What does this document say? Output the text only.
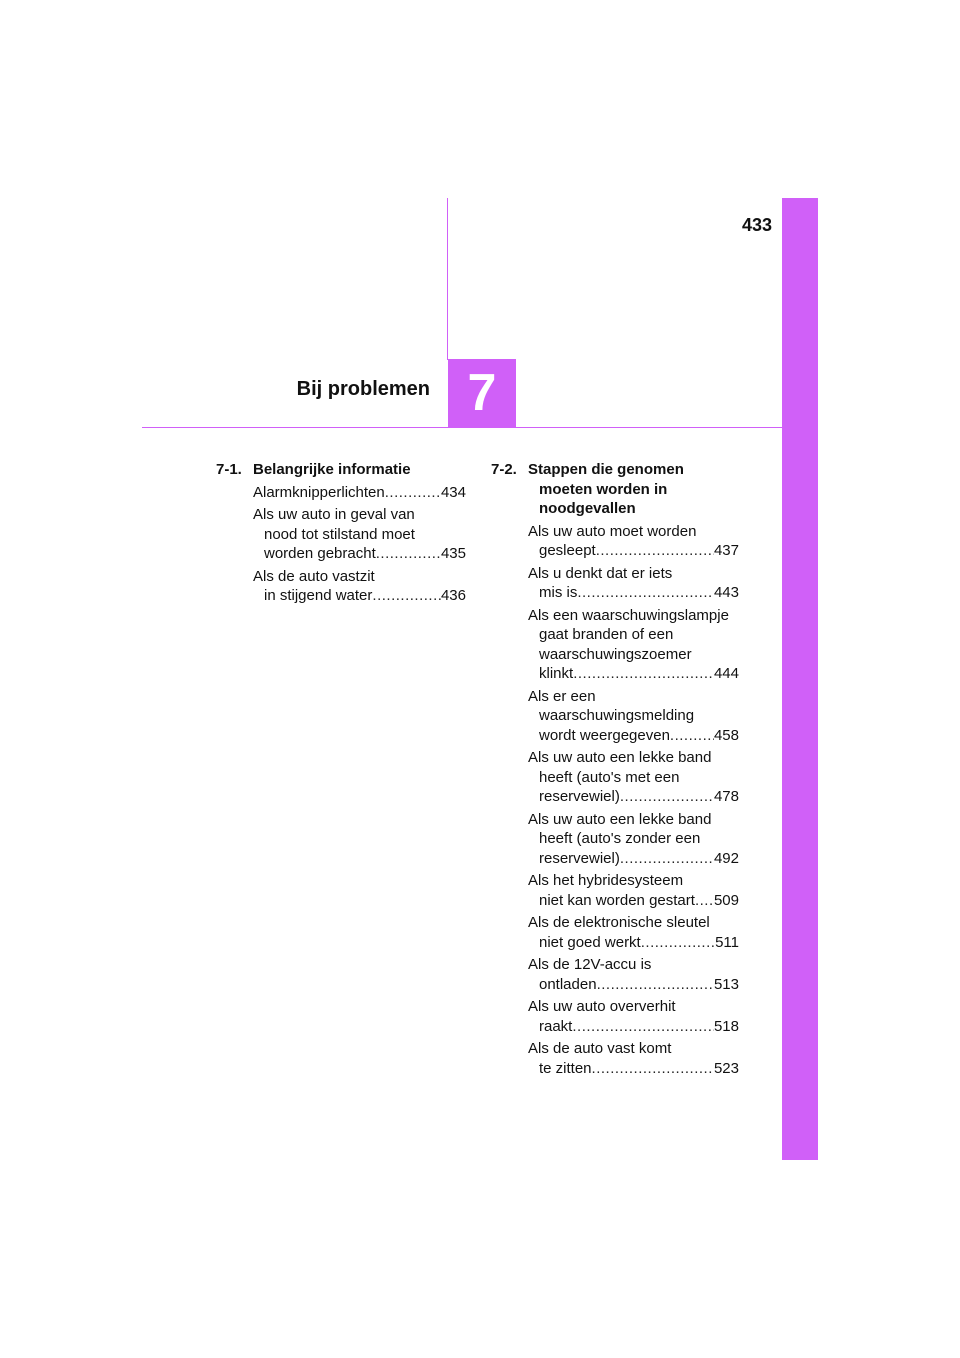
433
Bij problemen 7
7-1. Belangrijke informatie
Alarmknipperlichten .....	434
Als uw auto in geval van
nood tot stilstand moet
worden gebracht .....	435
Als de auto vastzit
in stijgend water .....	436
7-2. Stappen die genomen
moeten worden in
noodgevallen
Als uw auto moet worden
gesleept .....	437
Als u denkt dat er iets
mis is .....	443
Als een waarschuwingslampje
gaat branden of een
waarschuwingszoemer
klinkt .....	444
Als er een
waarschuwingsmelding
wordt weergegeven .....	458
Als uw auto een lekke band
heeft (auto's met een
reservewiel) .....	478
Als uw auto een lekke band
heeft (auto's zonder een
reservewiel) .....	492
Als het hybridesysteem
niet kan worden gestart ..... 509
Als de elektronische sleutel
niet goed werkt .....	511
Als de 12V-accu is
ontladen .....	513
Als uw auto oververhit
raakt .....	518
Als de auto vast komt
te zitten .....	523
